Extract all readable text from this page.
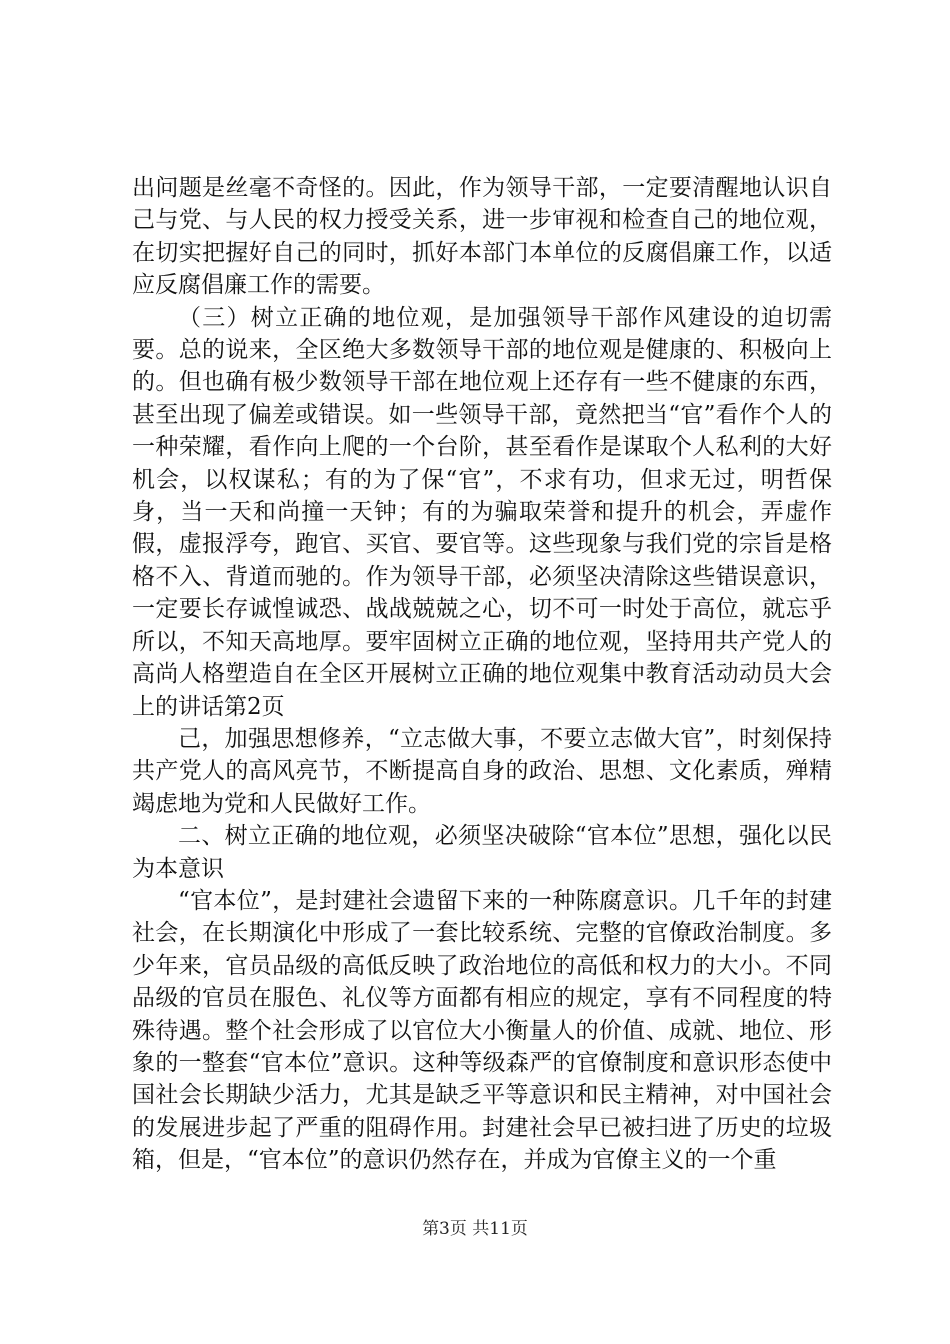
出问题是丝毫不奇怪的。因此，作为领导干部，一定要清醒地认识自己与党、与人民的权力授受关系，进一步审视和检查自己的地位观，在切实把握好自己的同时，抓好本部门本单位的反腐倡廉工作，以适应反腐倡廉工作的需要。

（三）树立正确的地位观，是加强领导干部作风建设的迫切需要。总的说来，全区绝大多数领导干部的地位观是健康的、积极向上的。但也确有极少数领导干部在地位观上还存有一些不健康的东西，甚至出现了偏差或错误。如一些领导干部，竟然把当“官”看作个人的一种荣耀，看作向上爬的一个台阶，甚至看作是谋取个人私利的大好机会，以权谋私；有的为了保“官”，不求有功，但求无过，明哲保身，当一天和尚撞一天钟；有的为骗取荣誉和提升的机会，弄虚作假，虚报浮夸，跑官、买官、要官等。这些现象与我们党的宗旨是格格不入、背道而驰的。作为领导干部，必须坚决清除这些错误意识，一定要长存诚惶诚恐、战战兢兢之心，切不可一时处于高位，就忘乎所以，不知天高地厚。要牢固树立正确的地位观，坚持用共产党人的高尚人格塑造自在全区开展树立正确的地位观集中教育活动动员大会上的讲话第2页

己，加强思想修养，“立志做大事，不要立志做大官”，时刻保持共产党人的高风亮节，不断提高自身的政治、思想、文化素质，殚精竭虑地为党和人民做好工作。

二、树立正确的地位观，必须坚决破除“官本位”思想，强化以民为本意识

“官本位”，是封建社会遗留下来的一种陈腐意识。几千年的封建社会，在长期演化中形成了一套比较系统、完整的官僚政治制度。多少年来，官员品级的高低反映了政治地位的高低和权力的大小。不同品级的官员在服色、礼仪等方面都有相应的规定，享有不同程度的特殊待遇。整个社会形成了以官位大小衡量人的价值、成就、地位、形象的一整套“官本位”意识。这种等级森严的官僚制度和意识形态使中国社会长期缺少活力，尤其是缺乏平等意识和民主精神，对中国社会的发展进步起了严重的阻碍作用。封建社会早已被扫进了历史的垃圾箱，但是，“官本位”的意识仍然存在，并成为官僚主义的一个重

第3页 共11页
